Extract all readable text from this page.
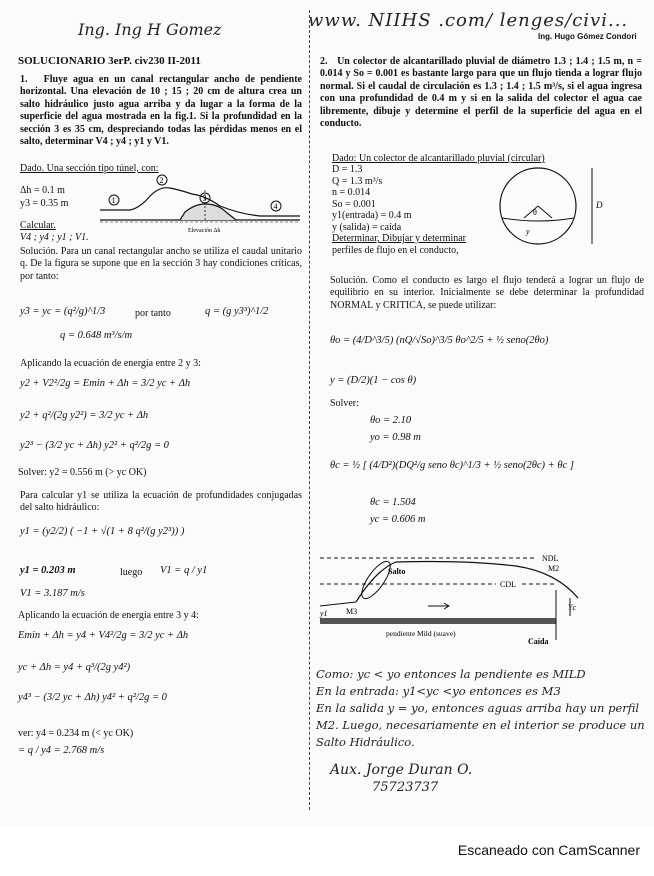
Ing. Ing H Gomez	www. NIIHS .com/ lenges/civi...
Ing. Hugo Gómez Condori
SOLUCIONARIO 3erP. civ230 II-2011
1. Fluye agua en un canal rectangular ancho de pendiente horizontal. Una elevación de 10 ; 15 ; 20 cm de altura crea un salto hidráulico justo agua arriba y da lugar a la forma de la superficie del agua mostrada en la fig.1. Si la profundidad en la sección 3 es 35 cm, despreciando todas las pérdidas menos en el salto, determinar V4 ; y4 ; y1 y V1.
Dado. Una sección tipo túnel, con:
Δh = 0.1 m
y3 = 0.35 m	1
2
3
4
Elevación Δh
Calcular.
V4 ; y4 ; y1 ; V1.
Solución. Para un canal rectangular ancho se utiliza el caudal unitario q. De la figura se supone que en la sección 3 hay condiciones críticas, por tanto:
y3 = yc = (q²/g)^1/3	por tanto	q = (g y3³)^1/2
q = 0.648 m³/s/m
Aplicando la ecuación de energía entre 2 y 3:
y2 + V2²/2g = Emin + Δh = 3/2 yc + Δh
y2 + q²/(2g y2²) = 3/2 yc + Δh
y2³ − (3/2 yc + Δh) y2² + q²/2g = 0
Solver: y2 = 0.556 m (> yc OK)
Para calcular y1 se utiliza la ecuación de profundidades conjugadas del salto hidráulico:
y1 = (y2/2) ( −1 + √(1 + 8 q²/(g y2³)) )
y1 = 0.203 m	luego V1 = q / y1
V1 = 3.187 m/s
Aplicando la ecuación de energía entre 3 y 4:
Emin + Δh = y4 + V4²/2g = 3/2 yc + Δh
yc + Δh = y4 + q³/(2g y4²)
y4³ − (3/2 yc + Δh) y4² + q²/2g = 0
ver: y4 = 0.234 m (< yc OK)
= q / y4 = 2.768 m/s
2. Un colector de alcantarillado pluvial de diámetro 1.3 ; 1.4 ; 1.5 m, n = 0.014 y So = 0.001 es bastante largo para que un flujo tienda a lograr flujo normal. Si el caudal de circulación es 1.3 ; 1.4 ; 1.5 m³/s, si el agua ingresa con una profundidad de 0.4 m y si en la salida del colector el agua cae libremente, dibuje y determine el perfil de la superficie del agua en el conducto.
Dado: Un colector de alcantarillado pluvial (circular)
D = 1.3
Q = 1.3 m³/s
n = 0.014
So = 0.001
y1(entrada) = 0.4 m
y (salida) = caída
Determinar, Dibujar y determinar
perfiles de flujo en el conducto,
θ
y
D
Solución. Como el conducto es largo el flujo tenderá a lograr un flujo de equilibrio en su interior. Inicialmente se debe determinar la profundidad NORMAL y CRITICA, se puede utilizar:
θo = (4/D^3/5) (nQ/√So)^3/5 θo^2/5 + ½ seno(2θo)
y = (D/2)(1 − cos θ)
Solver:
θo = 2.10
yo = 0.98 m
θc = ½ [ (4/D²)(DQ²/g seno θc)^1/3 + ½ seno(2θc) + θc ]
θc = 1.504
yc = 0.606 m
NDL
M2
CDL
Salto
M3
y1
Yc
pendiente Mild (suave)
Caída
Como: yc < yo entonces la pendiente es MILD
En la entrada: y1<yc <yo entonces es M3
En la salida y = yo, entonces aguas arriba hay un perfil M2. Luego, necesariamente en el interior se produce un Salto Hidráulico.
Aux. Jorge Duran O.
75723737
Escaneado con CamScanner
